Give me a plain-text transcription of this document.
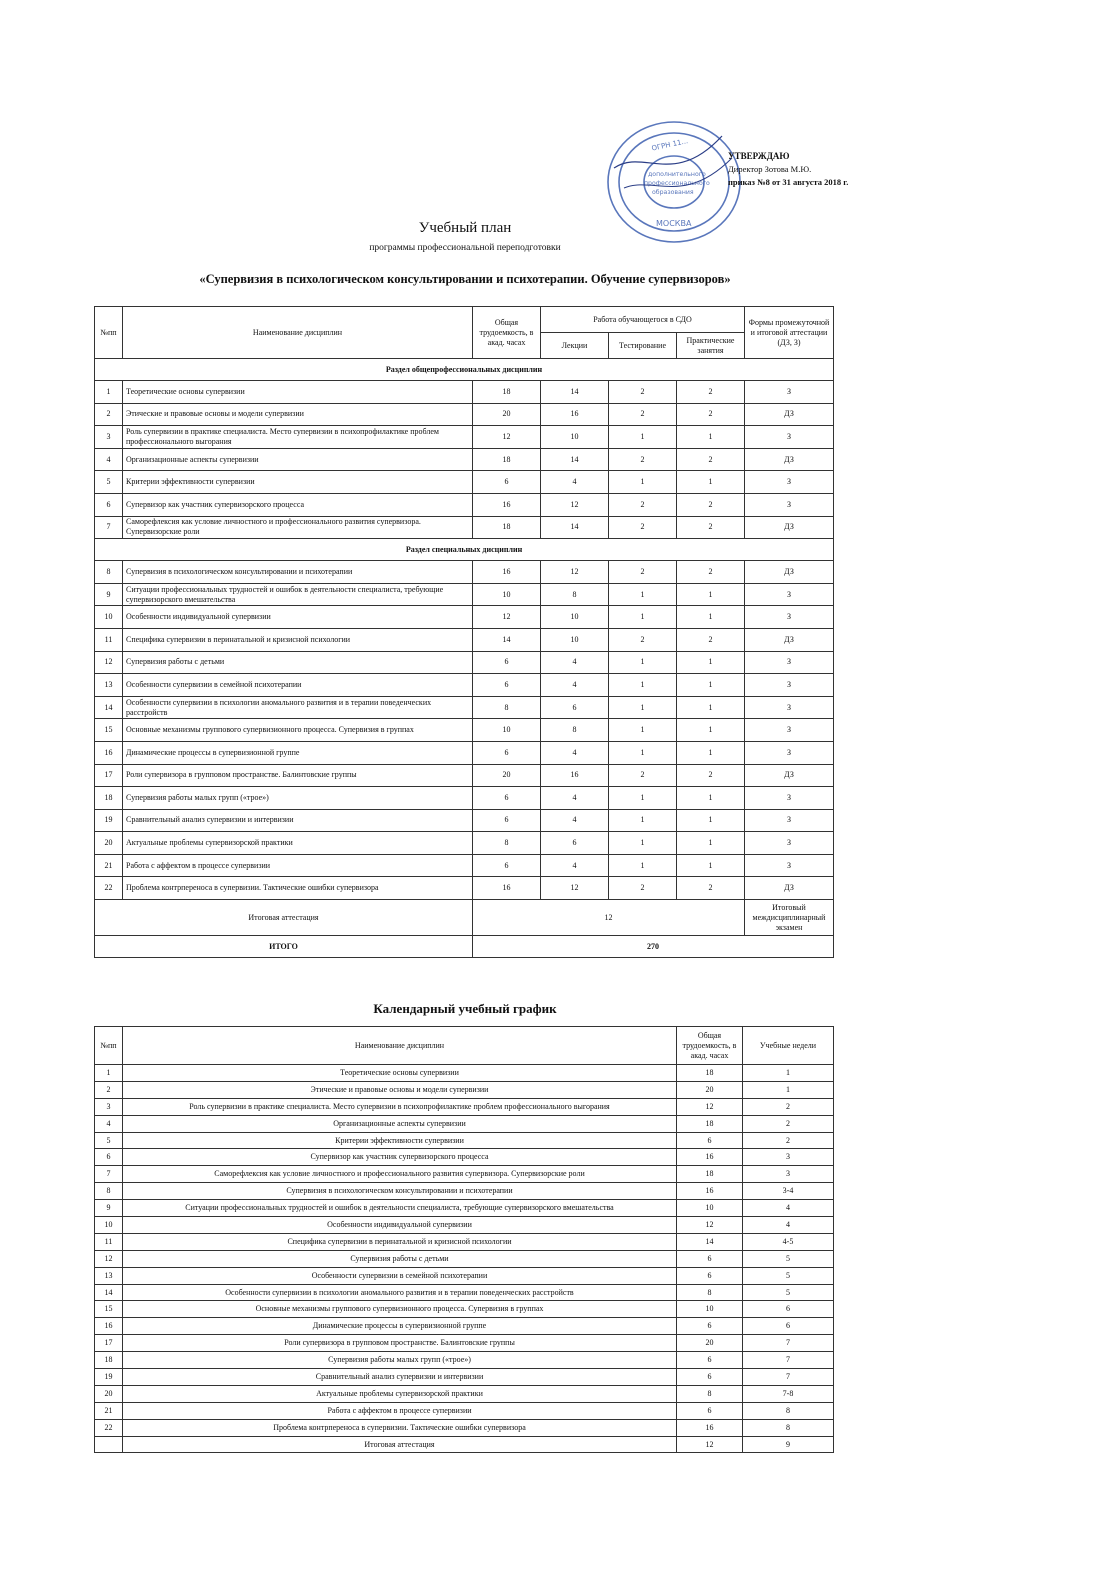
ОГРН 11...
дополнительного
профессионального
образования
МОСКВА
УТВЕРЖДАЮ
Директор Зотова М.Ю.
приказ №8 от 31 августа 2018 г.
Учебный план
программы профессиональной переподготовки
«Супервизия в психологическом консультировании и психотерапии. Обучение супервизоров»
№пп	Наименование дисциплин	Общая трудоемкость, в акад. часах	Работа обучающегося в СДО			Формы промежуточной и итоговой аттестации (ДЗ, З)
			Лекции	Тестирование	Практические занятия	
Раздел общепрофессиональных дисциплин						
1	Теоретические основы супервизии	18	14	2	2	З
2	Этические и правовые основы и модели супервизии	20	16	2	2	ДЗ
3	Роль супервизии в практике специалиста. Место супервизии в психопрофилактике проблем профессионального выгорания	12	10	1	1	З
4	Организационные аспекты супервизии	18	14	2	2	ДЗ
5	Критерии эффективности супервизии	6	4	1	1	З
6	Супервизор как участник супервизорского процесса	16	12	2	2	З
7	Саморефлексия как условие личностного и профессионального развития супервизора. Супервизорские роли	18	14	2	2	ДЗ
Раздел специальных дисциплин						
8	Супервизия в психологическом консультировании и психотерапии	16	12	2	2	ДЗ
9	Ситуации профессиональных трудностей и ошибок в деятельности специалиста, требующие супервизорского вмешательства	10	8	1	1	З
10	Особенности индивидуальной супервизии	12	10	1	1	З
11	Специфика супервизии в перинатальной и кризисной психологии	14	10	2	2	ДЗ
12	Супервизия работы с детьми	6	4	1	1	З
13	Особенности супервизии в семейной психотерапии	6	4	1	1	З
14	Особенности супервизии в психологии аномального развития и в терапии поведенческих расстройств	8	6	1	1	З
15	Основные механизмы группового супервизионного процесса. Супервизия в группах	10	8	1	1	З
16	Динамические процессы в супервизионной группе	6	4	1	1	З
17	Роли супервизора в групповом пространстве. Балинтовские группы	20	16	2	2	ДЗ
18	Супервизия работы малых групп («трое»)	6	4	1	1	З
19	Сравнительный анализ супервизии и интервизии	6	4	1	1	З
20	Актуальные проблемы супервизорской практики	8	6	1	1	З
21	Работа с аффектом в процессе супервизии	6	4	1	1	З
22	Проблема контрпереноса в супервизии. Тактические ошибки супервизора	16	12	2	2	ДЗ
Итоговая аттестация		12				Итоговый междисциплинарный экзамен
ИТОГО		270				
Календарный учебный график
№пп	Наименование дисциплин	Общая трудоемкость, в акад. часах	Учебные недели
1	Теоретические основы супервизии	18	1
2	Этические и правовые основы и модели супервизии	20	1
3	Роль супервизии в практике специалиста. Место супервизии в психопрофилактике проблем профессионального выгорания	12	2
4	Организационные аспекты супервизии	18	2
5	Критерии эффективности супервизии	6	2
6	Супервизор как участник супервизорского процесса	16	3
7	Саморефлексия как условие личностного и профессионального развития супервизора. Супервизорские роли	18	3
8	Супервизия в психологическом консультировании и психотерапии	16	3-4
9	Ситуации профессиональных трудностей и ошибок в деятельности специалиста, требующие супервизорского вмешательства	10	4
10	Особенности индивидуальной супервизии	12	4
11	Специфика супервизии в перинатальной и кризисной психологии	14	4-5
12	Супервизия работы с детьми	6	5
13	Особенности супервизии в семейной психотерапии	6	5
14	Особенности супервизии в психологии аномального развития и в терапии поведенческих расстройств	8	5
15	Основные механизмы группового супервизионного процесса. Супервизия в группах	10	6
16	Динамические процессы в супервизионной группе	6	6
17	Роли супервизора в групповом пространстве. Балинтовские группы	20	7
18	Супервизия работы малых групп («трое»)	6	7
19	Сравнительный анализ супервизии и интервизии	6	7
20	Актуальные проблемы супервизорской практики	8	7-8
21	Работа с аффектом в процессе супервизии	6	8
22	Проблема контрпереноса в супервизии. Тактические ошибки супервизора	16	8
	Итоговая аттестация	12	9
